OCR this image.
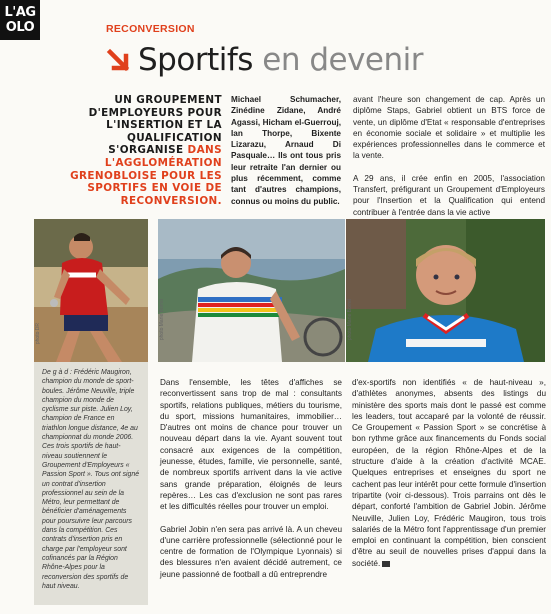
L'AG
OLO	RECONVERSION
Sportifs en devenir
UN GROUPEMENT D'EMPLOYEURS POUR L'INSERTION ET LA QUALIFICATION S'ORGANISE DANS L'AGGLOMÉRATION GRENOBLOISE POUR LES SPORTIFS EN VOIE DE RECONVERSION.

Michael Schumacher, Zinédine Zidane, André Agassi, Hicham el-Guerrouj, Ian Thorpe, Bixente Lizarazu, Arnaud Di Pasquale… Ils ont tous pris leur retraite l'an dernier ou plus récemment, comme tant d'autres champions, connus ou moins du public.

avant l'heure son changement de cap. Après un diplôme Staps, Gabriel obtient un BTS force de vente, un diplôme d'Etat « responsable d'entreprises en économie sociale et solidaire » et multiplie les expériences professionnelles dans le commerce et la vente.

A 29 ans, il crée enfin en 2005, l'association Transfert, préfigurant un Groupement d'Employeurs pour l'Insertion et la Qualification qui entend contribuer à l'entrée dans la vie active

photo DR	photo Marie Borrel	photo Marie Borrel
De g à d : Frédéric Maugiron, champion du monde de sport-boules. Jérôme Neuville, triple champion du monde de cyclisme sur piste. Julien Loy, champion de France en triathlon longue distance, 4e au championnat du monde 2006. Ces trois sportifs de haut-niveau soutiennent le Groupement d'Employeurs « Passion Sport ». Tous ont signé un contrat d'insertion professionnel au sein de la Métro, leur permettant de bénéficier d'aménagements pour poursuivre leur parcours dans la compétition. Ces contrats d'insertion pris en charge par l'employeur sont cofinancés par la Région Rhône-Alpes pour la reconversion des sportifs de haut niveau.

Dans l'ensemble, les têtes d'affiches se reconvertissent sans trop de mal : consultants sportifs, relations publiques, métiers du tourisme, du sport, missions humanitaires, immobilier… D'autres ont moins de chance pour trouver un nouveau départ dans la vie. Ayant souvent tout consacré aux exigences de la compétition, jeunesse, études, famille, vie personnelle, santé, de nombreux sportifs arrivent dans la vie active sans grande préparation, éloignés de leurs repères… Les cas d'exclusion ne sont pas rares et les difficultés réelles pour trouver un emploi.

Gabriel Jobin n'en sera pas arrivé là. A un cheveu d'une carrière professionnelle (sélectionné pour le centre de formation de l'Olympique Lyonnais) si des blessures n'en avaient décidé autrement, ce jeune passionné de football a dû entreprendre

d'ex-sportifs non identifiés « de haut-niveau », d'athlètes anonymes, absents des listings du ministère des sports mais dont le passé est comme les leaders, tout accaparé par la volonté de réussir. Ce Groupement « Passion Sport » se concrétise à bon rythme grâce aux financements du Fonds social européen, de la région Rhône-Alpes et de la structure d'aide à la création d'activité MCAE. Quelques entreprises et enseignes du sport ne cachent pas leur intérêt pour cette formule d'insertion tripartite (voir ci-dessous). Trois parrains ont dès le départ, conforté l'ambition de Gabriel Jobin. Jérôme Neuville, Julien Loy, Frédéric Maugiron, tous trois salariés de la Métro font l'apprentissage d'un premier emploi en continuant la compétition, bien conscient d'être au seuil de nouvelles prises d'appui dans la société.
